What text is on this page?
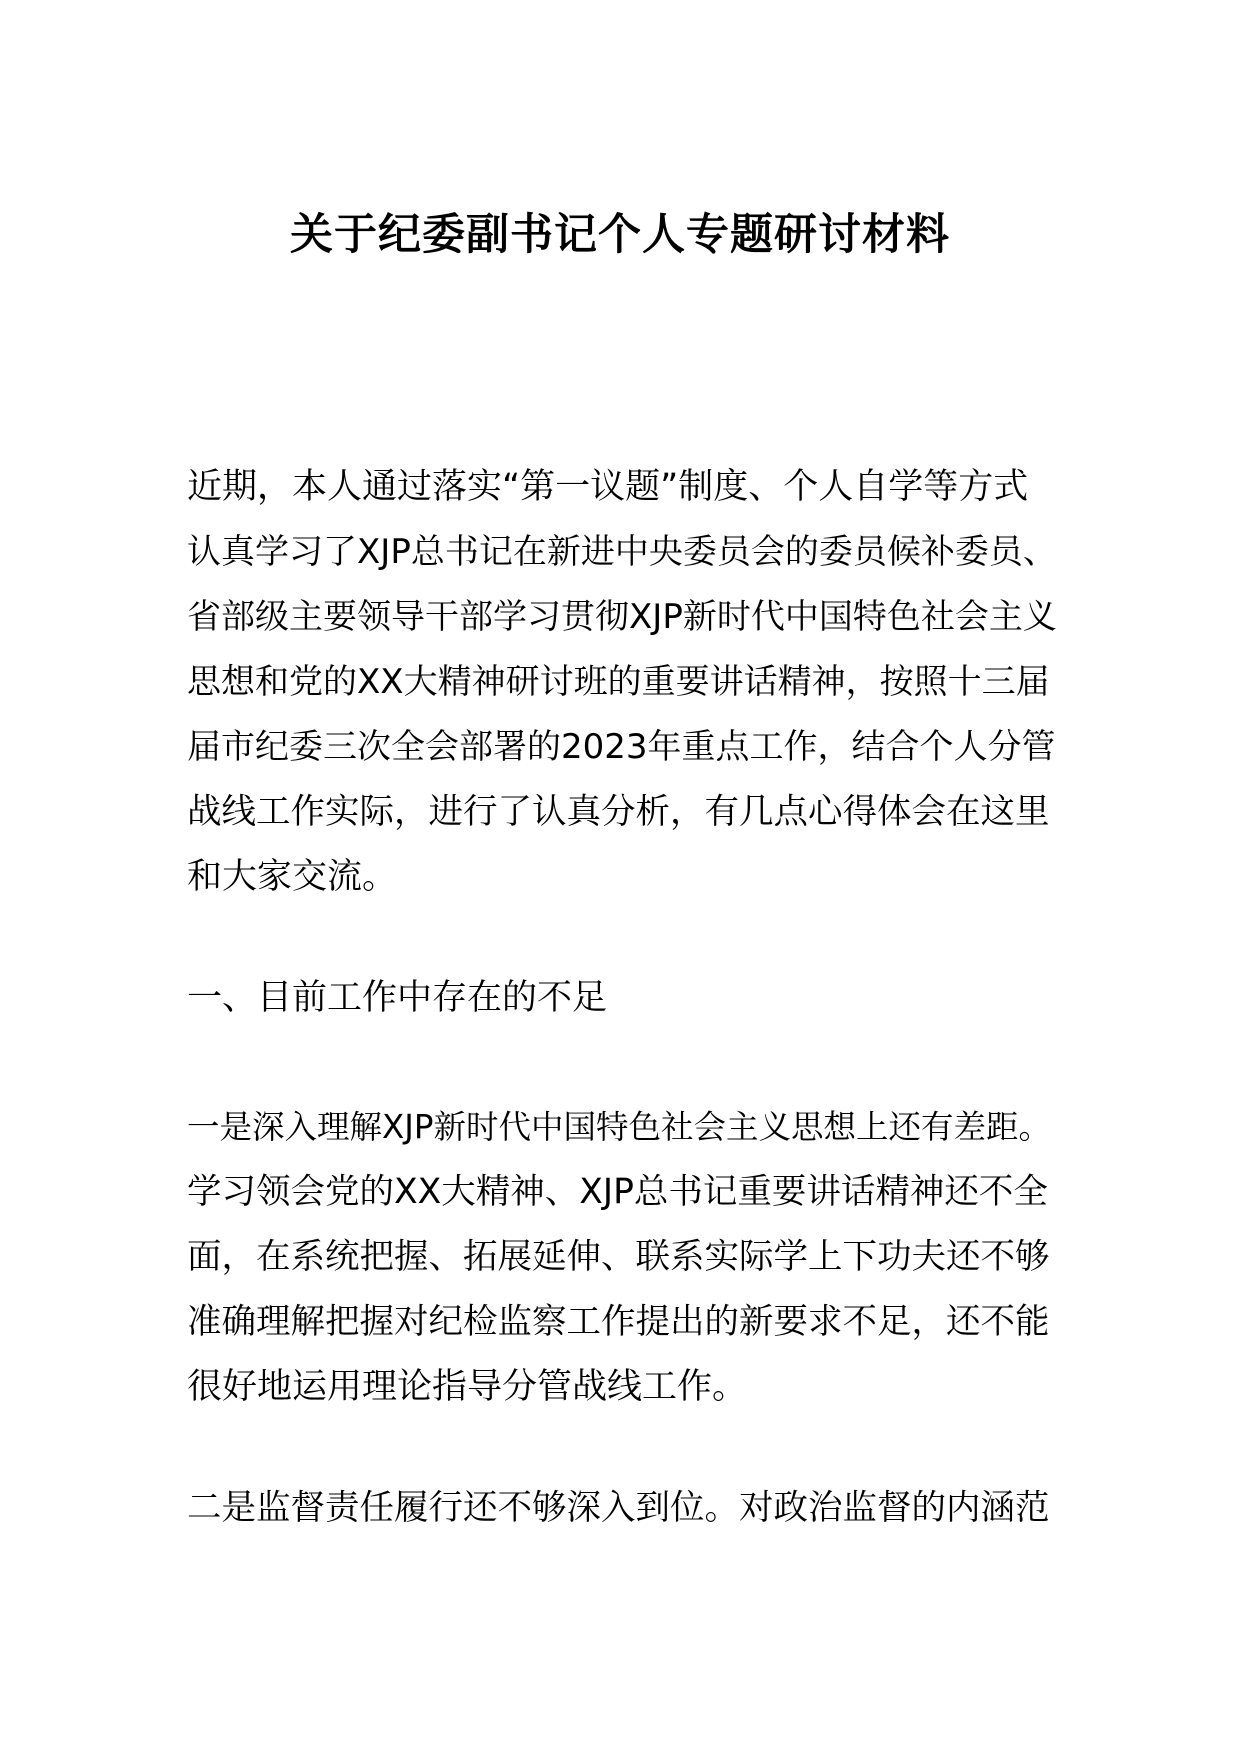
关于纪委副书记个人专题研讨材料
近期，本人通过落实“第一议题”制度、个人自学等方式
认真学习了XJP总书记在新进中央委员会的委员候补委员、
省部级主要领导干部学习贯彻XJP新时代中国特色社会主义
思想和党的XX大精神研讨班的重要讲话精神，按照十三届
届市纪委三次全会部署的2023年重点工作，结合个人分管
战线工作实际，进行了认真分析，有几点心得体会在这里
和大家交流。
一、目前工作中存在的不足
一是深入理解XJP新时代中国特色社会主义思想上还有差距。
学习领会党的XX大精神、XJP总书记重要讲话精神还不全
面，在系统把握、拓展延伸、联系实际学上下功夫还不够
准确理解把握对纪检监察工作提出的新要求不足，还不能
很好地运用理论指导分管战线工作。
二是监督责任履行还不够深入到位。对政治监督的内涵范
